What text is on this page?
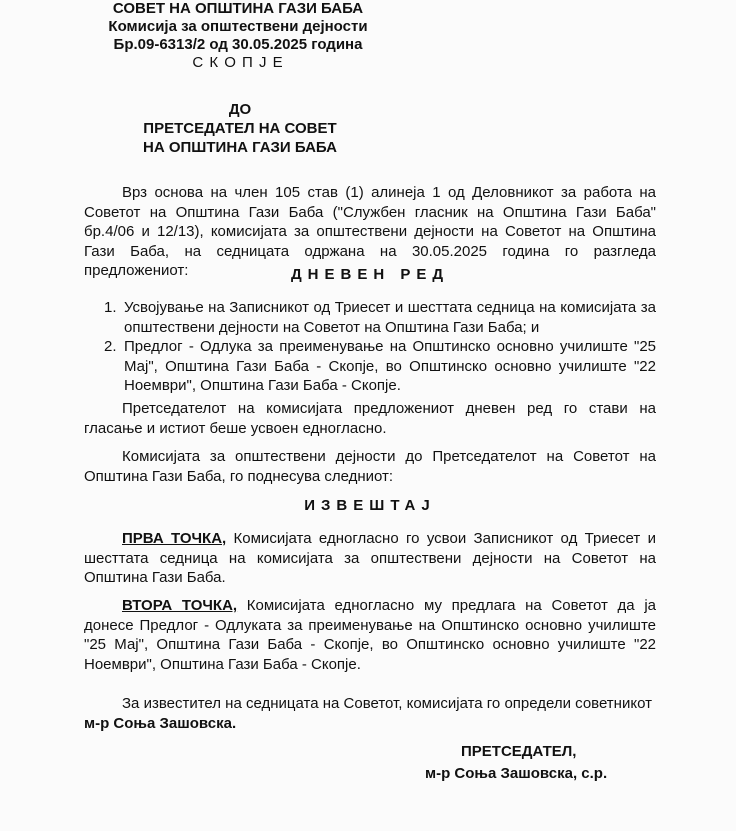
СОВЕТ НА ОПШТИНА ГАЗИ БАБА
Комисија за општествени дејности
Бр.09-6313/2 од 30.05.2025 година
С К О П Ј Е
ДО
ПРЕТСЕДАТЕЛ НА СОВЕТ
НА ОПШТИНА ГАЗИ БАБА
Врз основа на член 105 став (1) алинеја 1 од Деловникот за работа на Советот на Општина Гази Баба ("Службен гласник на Општина Гази Баба" бр.4/06 и 12/13), комисијата за општествени дејности на Советот на Општина Гази Баба, на седницата одржана на 30.05.2025 година го разгледа предложениот:	ДНЕВЕН РЕД
1. Усвојување на Записникот од Триесет и шесттата седница на комисијата за општествени дејности на Советот на Општина Гази Баба; и
2. Предлог - Одлука за преименување на Општинско основно училиште "25 Мај", Општина Гази Баба - Скопје, во Општинско основно училиште "22 Ноември", Општина Гази Баба - Скопје.
Претседателот на комисијата предложениот дневен ред го стави на гласање и истиот беше усвоен едногласно.
Комисијата за општествени дејности до Претседателот на Советот на Општина Гази Баба, го поднесува следниот:
ИЗВЕШТАЈ
ПРВА ТОЧКА, Комисијата едногласно го усвои Записникот од Триесет и шесттата седница на комисијата за општествени дејности на Советот на Општина Гази Баба.
ВТОРА ТОЧКА, Комисијата едногласно му предлага на Советот да ја донесе Предлог - Одлуката за преименување на Општинско основно училиште "25 Мај", Општина Гази Баба - Скопје, во Општинско основно училиште "22 Ноември", Општина Гази Баба - Скопје.
За известител на седницата на Советот, комисијата го определи советникот
м-р Соња Зашовска.
ПРЕТСЕДАТЕЛ,
м-р Соња Зашовска, с.р.
